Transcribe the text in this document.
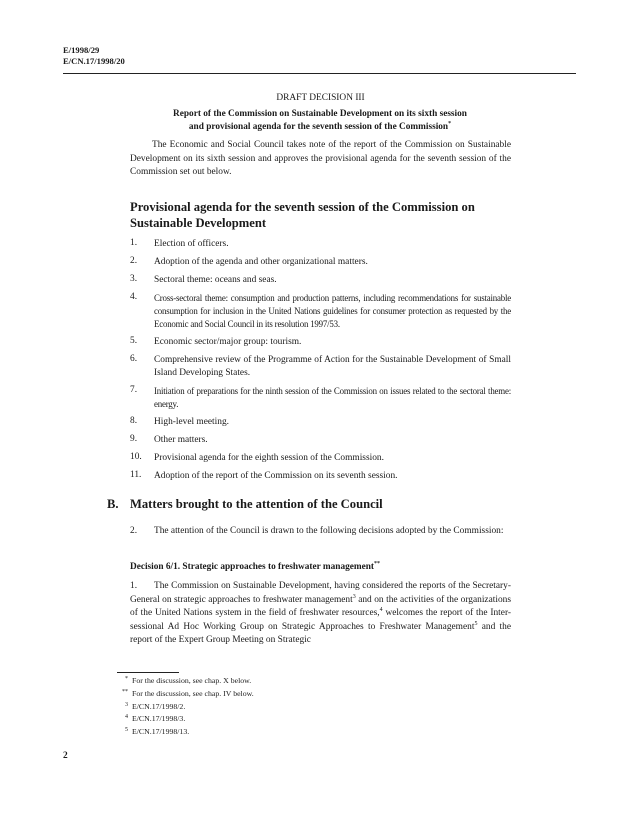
E/1998/29
E/CN.17/1998/20
DRAFT DECISION III
Report of the Commission on Sustainable Development on its sixth session
and provisional agenda for the seventh session of the Commission*

The Economic and Social Council takes note of the report of the Commission on Sustainable Development on its sixth session and approves the provisional agenda for the seventh session of the Commission set out below.

Provisional agenda for the seventh session of the Commission on Sustainable Development
1.	Election of officers.
2.	Adoption of the agenda and other organizational matters.
3.	Sectoral theme: oceans and seas.
4.	Cross-sectoral theme: consumption and production patterns, including recommendations for sustainable consumption for inclusion in the United Nations guidelines for consumer protection as requested by the Economic and Social Council in its resolution 1997/53.
5.	Economic sector/major group: tourism.
6.	Comprehensive review of the Programme of Action for the Sustainable Development of Small Island Developing States.
7.	Initiation of preparations for the ninth session of the Commission on issues related to the sectoral theme: energy.
8.	High-level meeting.
9.	Other matters.
10.	Provisional agenda for the eighth session of the Commission.
11.	Adoption of the report of the Commission on its seventh session.
B. Matters brought to the attention of the Council

2. The attention of the Council is drawn to the following decisions adopted by the Commission:

Decision 6/1. Strategic approaches to freshwater management**

1. The Commission on Sustainable Development, having considered the reports of the Secretary-General on strategic approaches to freshwater management$^3$ and on the activities of the organizations of the United Nations system in the field of freshwater resources,$^4$ welcomes the report of the Inter-sessional Ad Hoc Working Group on Strategic Approaches to Freshwater Management$^5$ and the report of the Expert Group Meeting on Strategic

* For the discussion, see chap. X below.
** For the discussion, see chap. IV below.
3 E/CN.17/1998/2.
4 E/CN.17/1998/3.
5 E/CN.17/1998/13.
2
